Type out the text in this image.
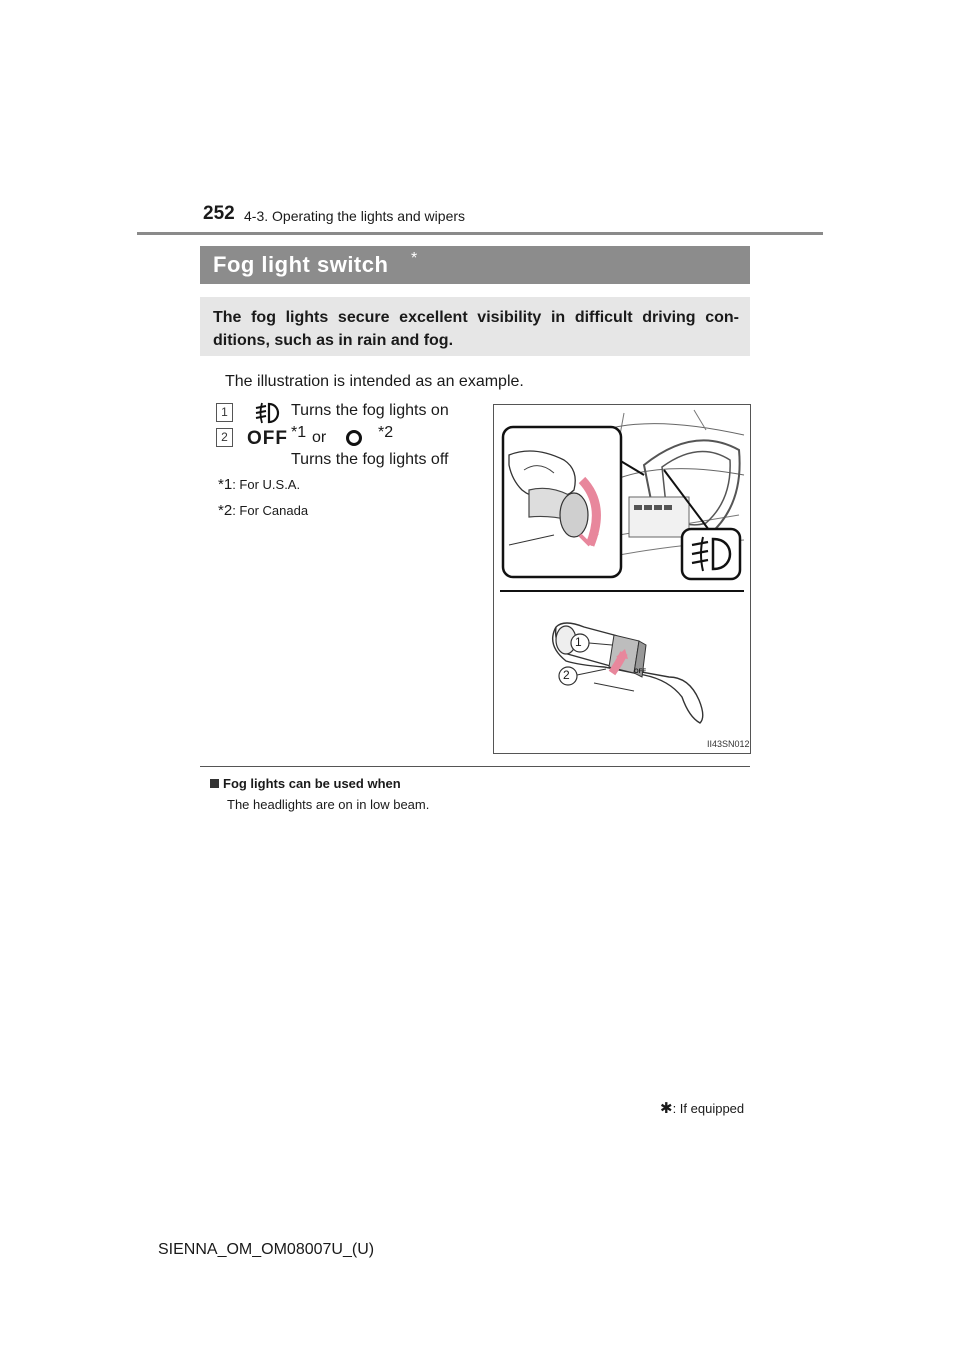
252 4-3. Operating the lights and wipers
Fog light switch *
The fog lights secure excellent visibility in difficult driving con-ditions, such as in rain and fog.
The illustration is intended as an example.
1	Turns the fog lights on
2 OFF *1 or	*2
Turns the fog lights off
*1: For U.S.A.
*2: For Canada
1
2	OFF
II43SN012
Fog lights can be used when
The headlights are on in low beam.
✱: If equipped
SIENNA_OM_OM08007U_(U)
